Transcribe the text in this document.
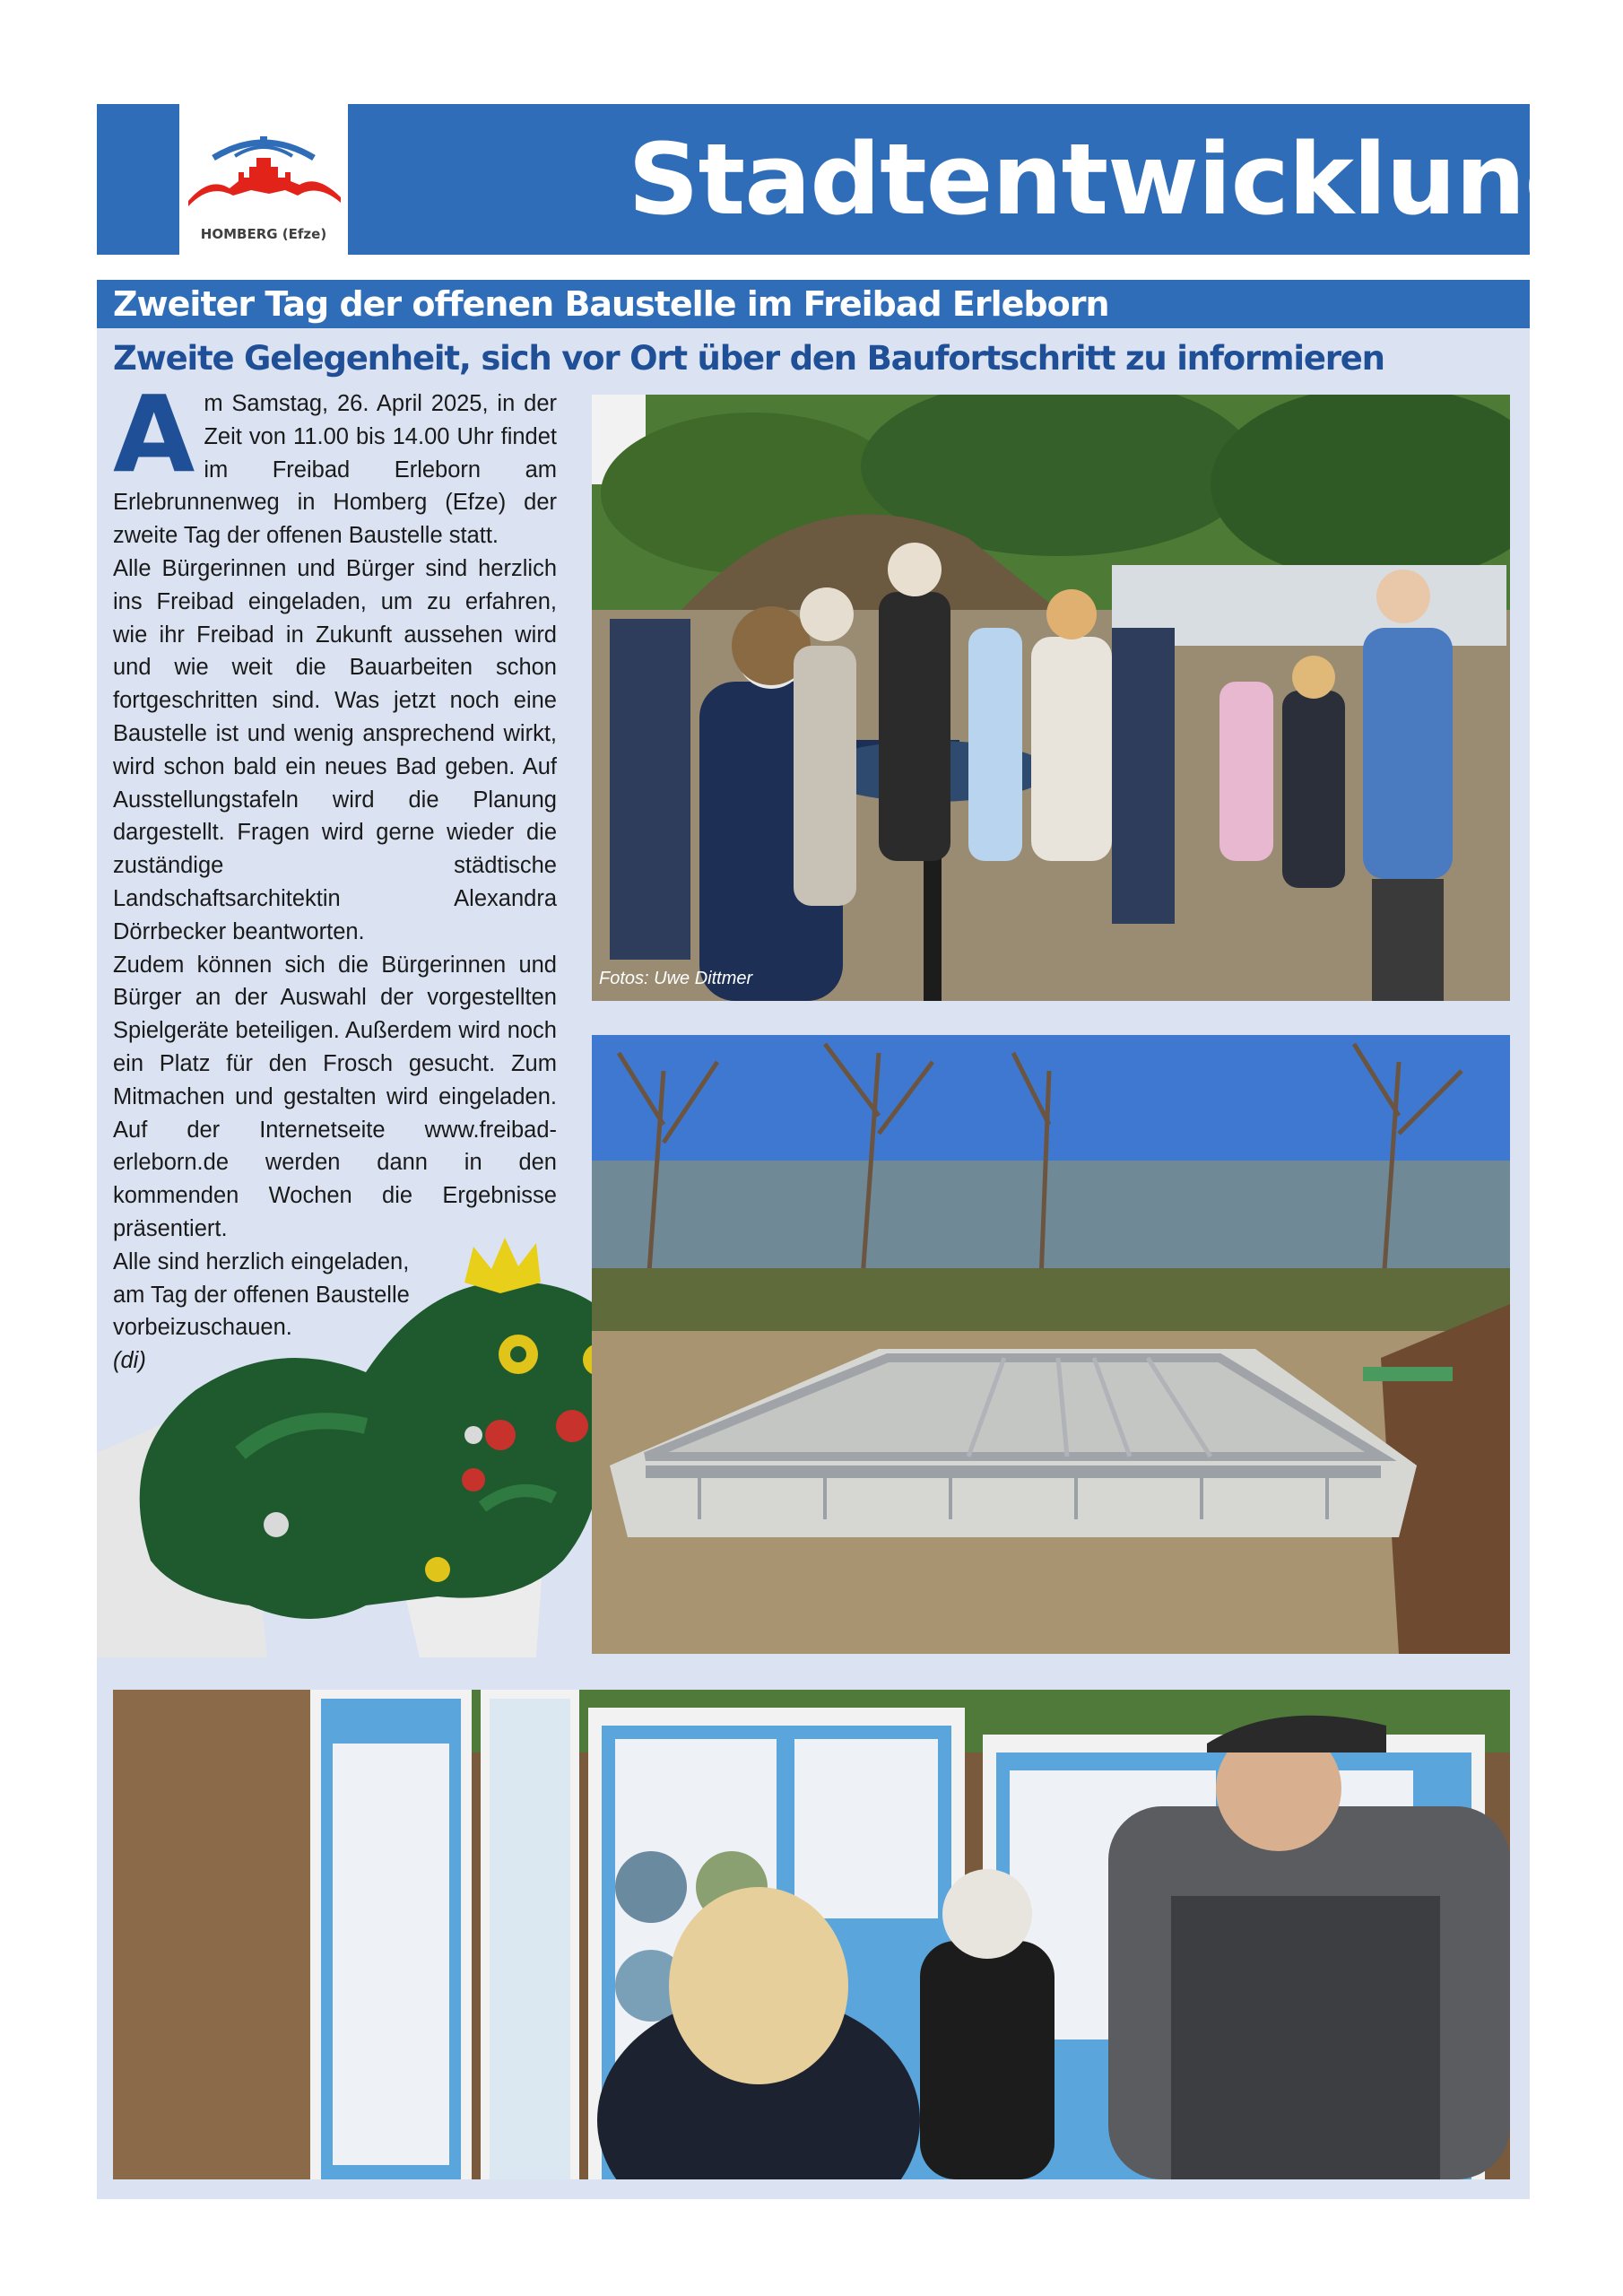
HOMBERG (Efze)	Stadtentwicklung
Zweiter Tag der offenen Baustelle im Freibad Erleborn
Zweite Gelegenheit, sich vor Ort über den Baufortschritt zu informieren

Am Samstag, 26. April 2025, in der Zeit von 11.00 bis 14.00 Uhr findet im Freibad Erleborn am Erlebrunnenweg in Homberg (Efze) der zweite Tag der offenen Baustelle statt.

Alle Bürgerinnen und Bürger sind herzlich ins Freibad eingeladen, um zu erfahren, wie ihr Freibad in Zukunft aussehen wird und wie weit die Bauarbeiten schon fortgeschritten sind. Was jetzt noch eine Baustelle ist und wenig ansprechend wirkt, wird schon bald ein neues Bad geben. Auf Ausstellungstafeln wird die Planung dargestellt. Fragen wird gerne wieder die zuständige städtische Landschaftsarchitektin Alexandra Dörrbecker beantworten.

Zudem können sich die Bürgerinnen und Bürger an der Auswahl der vorgestellten Spielgeräte beteiligen. Außerdem wird noch ein Platz für den Frosch gesucht. Zum Mitmachen und gestalten wird eingeladen. Auf der Internetseite www.freibad-erleborn.de werden dann in den kommenden Wochen die Ergebnisse präsentiert.

Alle sind herzlich eingeladen, am Tag der offenen Baustelle vorbeizuschauen.

(di)

Fotos: Uwe Dittmer
